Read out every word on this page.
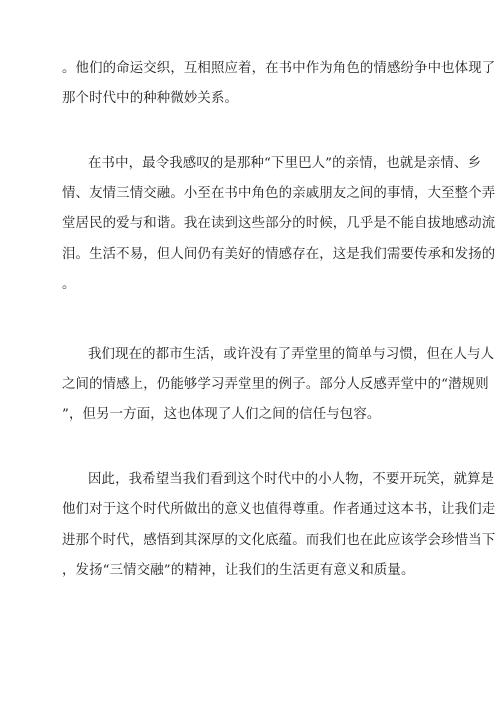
。他们的命运交织，互相照应着，在书中作为角色的情感纷争中也体现了
那个时代中的种种微妙关系。
在书中，最令我感叹的是那种“下里巴人”的亲情，也就是亲情、乡
情、友情三情交融。小至在书中角色的亲戚朋友之间的事情，大至整个弄
堂居民的爱与和谐。我在读到这些部分的时候，几乎是不能自拔地感动流
泪。生活不易，但人间仍有美好的情感存在，这是我们需要传承和发扬的
。
我们现在的都市生活，或许没有了弄堂里的简单与习惯，但在人与人
之间的情感上，仍能够学习弄堂里的例子。部分人反感弄堂中的“潜规则
”，但另一方面，这也体现了人们之间的信任与包容。
因此，我希望当我们看到这个时代中的小人物，不要开玩笑，就算是
他们对于这个时代所做出的意义也值得尊重。作者通过这本书，让我们走
进那个时代，感悟到其深厚的文化底蕴。而我们也在此应该学会珍惜当下
，发扬“三情交融”的精神，让我们的生活更有意义和质量。
